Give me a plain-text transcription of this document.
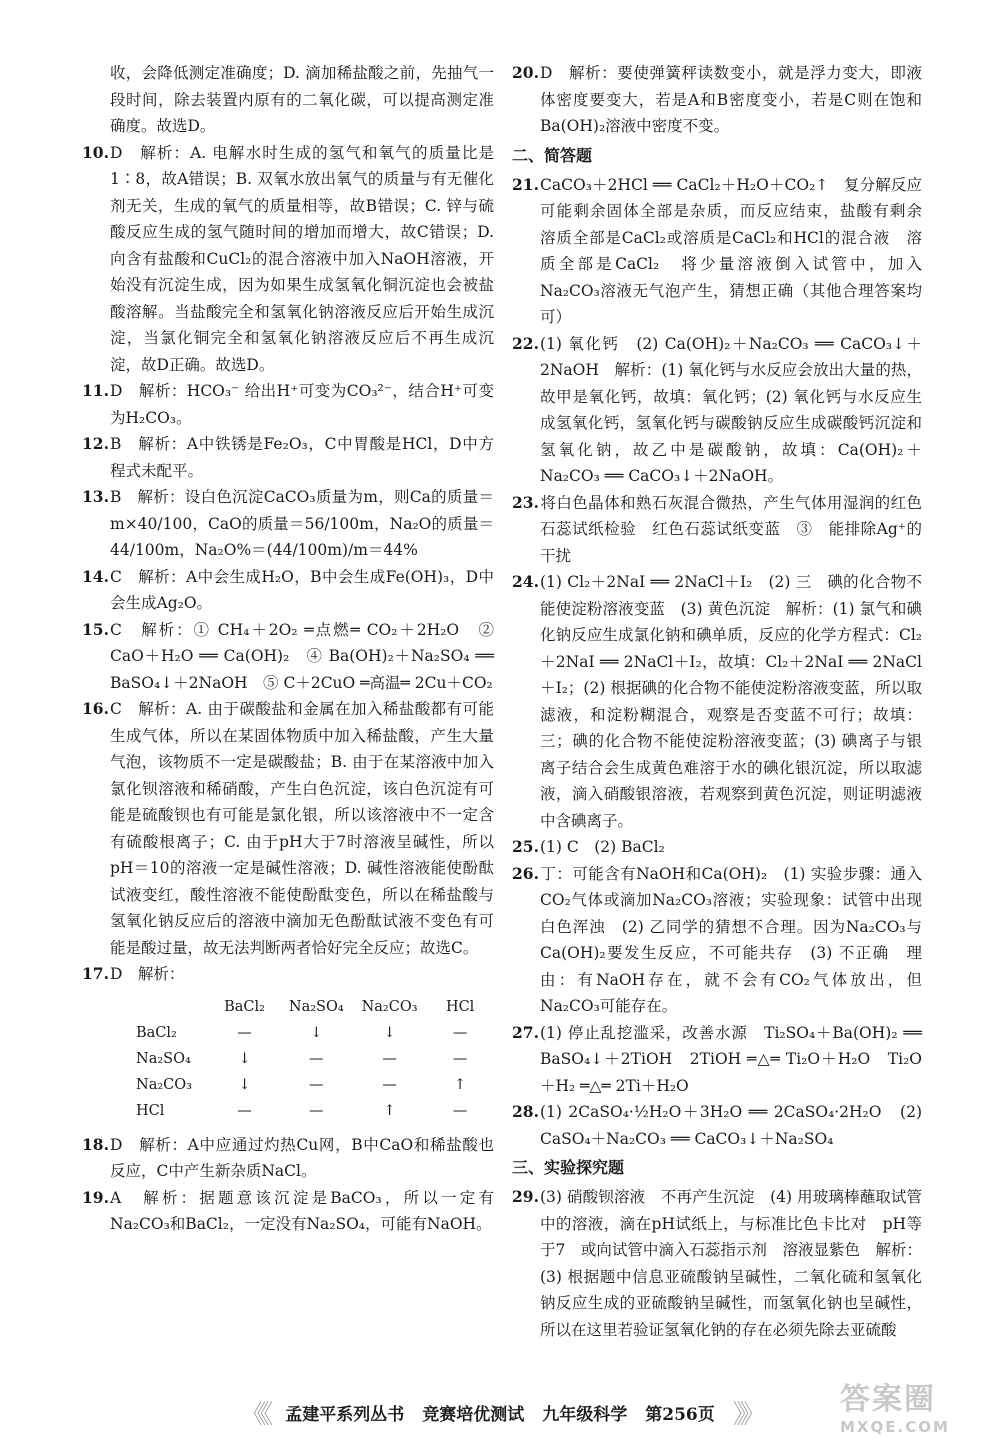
收，会降低测定准确度；D. 滴加稀盐酸之前，先抽气一段时间，除去装置内原有的二氧化碳，可以提高测定准确度。故选D。
10.D　解析：A. 电解水时生成的氢气和氧气的质量比是1∶8，故A错误；B. 双氧水放出氧气的质量与有无催化剂无关，生成的氧气的质量相等，故B错误；C. 锌与硫酸反应生成的氢气随时间的增加而增大，故C错误；D. 向含有盐酸和CuCl₂的混合溶液中加入NaOH溶液，开始没有沉淀生成，因为如果生成氢氧化铜沉淀也会被盐酸溶解。当盐酸完全和氢氧化钠溶液反应后开始生成沉淀，当氯化铜完全和氢氧化钠溶液反应后不再生成沉淀，故D正确。故选D。
11.D　解析：HCO₃⁻ 给出H⁺可变为CO₃²⁻，结合H⁺可变为H₂CO₃。
12.B　解析：A中铁锈是Fe₂O₃，C中胃酸是HCl，D中方程式未配平。
13.B　解析：设白色沉淀CaCO₃质量为m，则Ca的质量＝m×40/100，CaO的质量＝56/100m，Na₂O的质量＝44/100m，Na₂O%＝(44/100m)/m＝44%
14.C　解析：A中会生成H₂O，B中会生成Fe(OH)₃，D中会生成Ag₂O。
15.C　解析：① CH₄＋2O₂ ═点燃═ CO₂＋2H₂O　② CaO＋H₂O ══ Ca(OH)₂　④ Ba(OH)₂＋Na₂SO₄ ══ BaSO₄↓＋2NaOH　⑤ C＋2CuO ═高温═ 2Cu＋CO₂
16.C　解析：A. 由于碳酸盐和金属在加入稀盐酸都有可能生成气体，所以在某固体物质中加入稀盐酸，产生大量气泡，该物质不一定是碳酸盐；B. 由于在某溶液中加入氯化钡溶液和稀硝酸，产生白色沉淀，该白色沉淀有可能是硫酸钡也有可能是氯化银，所以该溶液中不一定含有硫酸根离子；C. 由于pH大于7时溶液呈碱性，所以pH＝10的溶液一定是碱性溶液；D. 碱性溶液能使酚酞试液变红，酸性溶液不能使酚酞变色，所以在稀盐酸与氢氧化钠反应后的溶液中滴加无色酚酞试液不变色有可能是酸过量，故无法判断两者恰好完全反应；故选C。
17.D　解析：
	BaCl₂	Na₂SO₄	Na₂CO₃	HCl
BaCl₂	—	↓	↓	—
Na₂SO₄	↓	—	—	—
Na₂CO₃	↓	—	—	↑
HCl	—	—	↑	—
18.D　解析：A中应通过灼热Cu网，B中CaO和稀盐酸也反应，C中产生新杂质NaCl。
19.A　解析：据题意该沉淀是BaCO₃，所以一定有Na₂CO₃和BaCl₂，一定没有Na₂SO₄，可能有NaOH。
20.D　解析：要使弹簧秤读数变小，就是浮力变大，即液体密度要变大，若是A和B密度变小，若是C则在饱和Ba(OH)₂溶液中密度不变。
二、简答题
21.CaCO₃＋2HCl ══ CaCl₂＋H₂O＋CO₂↑　复分解反应　可能剩余固体全部是杂质，而反应结束，盐酸有剩余　溶质全部是CaCl₂或溶质是CaCl₂和HCl的混合液　溶质全部是CaCl₂　将少量溶液倒入试管中，加入Na₂CO₃溶液无气泡产生，猜想正确（其他合理答案均可）
22.(1) 氧化钙　(2) Ca(OH)₂＋Na₂CO₃ ══ CaCO₃↓＋2NaOH　解析：(1) 氧化钙与水反应会放出大量的热，故甲是氧化钙，故填：氧化钙；(2) 氧化钙与水反应生成氢氧化钙，氢氧化钙与碳酸钠反应生成碳酸钙沉淀和氢氧化钠，故乙中是碳酸钠，故填：Ca(OH)₂＋Na₂CO₃ ══ CaCO₃↓＋2NaOH。
23.将白色晶体和熟石灰混合微热，产生气体用湿润的红色石蕊试纸检验　红色石蕊试纸变蓝　③　能排除Ag⁺的干扰
24.(1) Cl₂＋2NaI ══ 2NaCl＋I₂　(2) 三　碘的化合物不能使淀粉溶液变蓝　(3) 黄色沉淀　解析：(1) 氯气和碘化钠反应生成氯化钠和碘单质，反应的化学方程式：Cl₂＋2NaI ══ 2NaCl＋I₂，故填：Cl₂＋2NaI ══ 2NaCl＋I₂；(2) 根据碘的化合物不能使淀粉溶液变蓝，所以取滤液，和淀粉糊混合，观察是否变蓝不可行；故填：三；碘的化合物不能使淀粉溶液变蓝；(3) 碘离子与银离子结合会生成黄色难溶于水的碘化银沉淀，所以取滤液，滴入硝酸银溶液，若观察到黄色沉淀，则证明滤液中含碘离子。
25.(1) C　(2) BaCl₂
26.丁：可能含有NaOH和Ca(OH)₂　(1) 实验步骤：通入CO₂气体或滴加Na₂CO₃溶液；实验现象：试管中出现白色浑浊　(2) 乙同学的猜想不合理。因为Na₂CO₃与Ca(OH)₂要发生反应，不可能共存　(3) 不正确　理由：有NaOH存在，就不会有CO₂气体放出，但Na₂CO₃可能存在。
27.(1) 停止乱挖滥采，改善水源　Ti₂SO₄＋Ba(OH)₂ ══ BaSO₄↓＋2TiOH　2TiOH ═△═ Ti₂O＋H₂O　Ti₂O＋H₂ ═△═ 2Ti＋H₂O
28.(1) 2CaSO₄·½H₂O＋3H₂O ══ 2CaSO₄·2H₂O　(2) CaSO₄＋Na₂CO₃ ══ CaCO₃↓＋Na₂SO₄
三、实验探究题
29.(3) 硝酸钡溶液　不再产生沉淀　(4) 用玻璃棒蘸取试管中的溶液，滴在pH试纸上，与标准比色卡比对　pH等于7　或向试管中滴入石蕊指示剂　溶液显紫色　解析：(3) 根据题中信息亚硫酸钠呈碱性，二氧化硫和氢氧化钠反应生成的亚硫酸钠呈碱性，而氢氧化钠也呈碱性，所以在这里若验证氢氧化钠的存在必须先除去亚硫酸
《《 孟建平系列丛书 竞赛培优测试 九年级科学 第256页 》》	答案圈
MXQE.COM
